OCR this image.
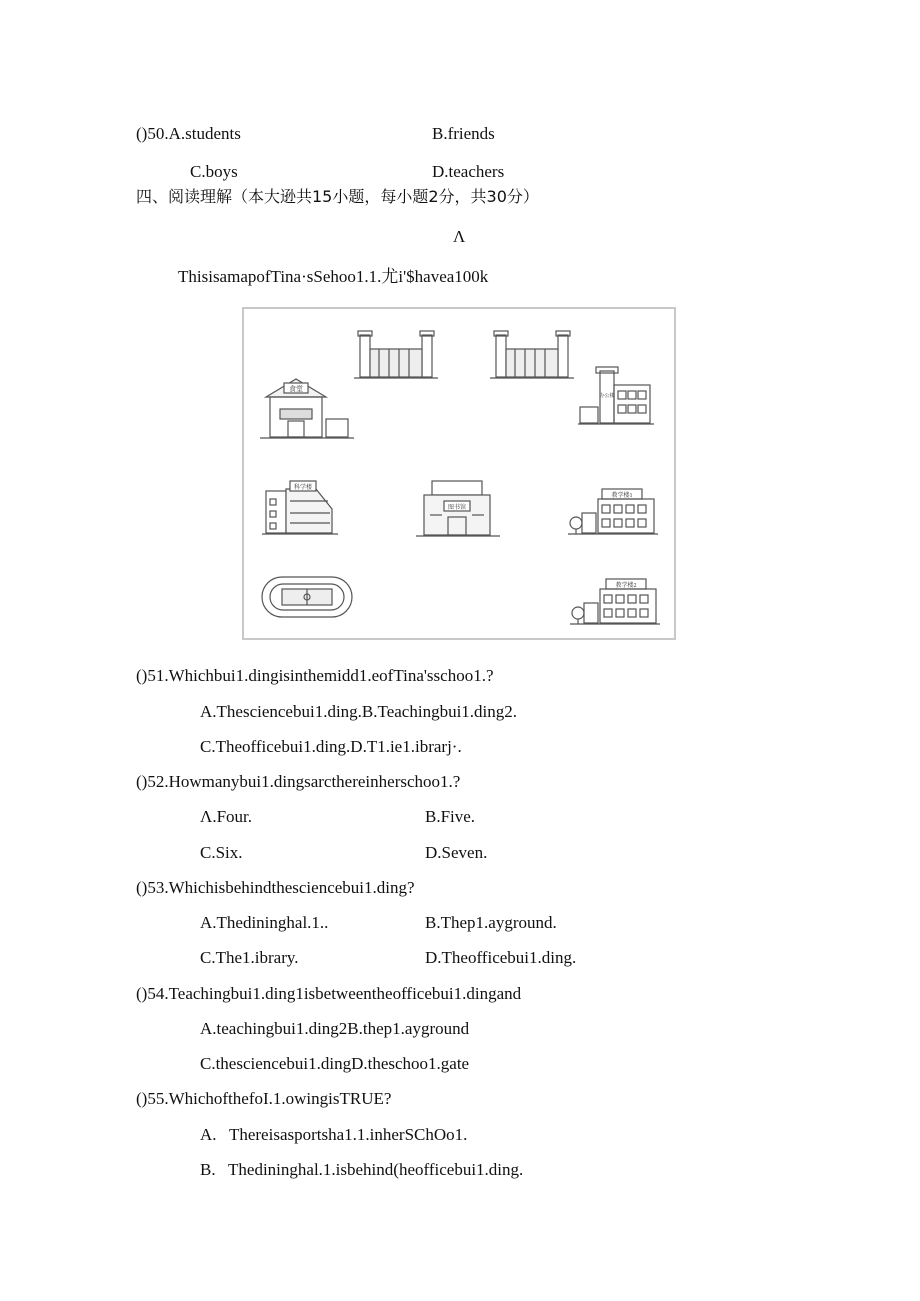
()50.A.students	B.friends
C.boys	D.teachers
四、阅读理解（本大逊共15小题，每小题2分，共30分）
Λ
ThisisamapofTina·sSehoo1.1.尤i'$havea100k
食堂
办公楼
科学楼
图书馆
教学楼1
教学楼2
()51.Whichbui1.dingisinthemidd1.eofTina'sschoo1.?
A.Thesciencebui1.ding.B.Teachingbui1.ding2.
C.Theofficebui1.ding.D.T1.ie1.ibrarj·.
()52.Howmanybui1.dingsarcthereinherschoo1.?
Λ.Four.	B.Five.
C.Six.	D.Seven.
()53.Whichisbehindthesciencebui1.ding?
A.Thedininghal.1..	B.Thep1.ayground.
C.The1.ibrary.	D.Theofficebui1.ding.
()54.Teachingbui1.ding1isbetweentheofficebui1.dingand
A.teachingbui1.ding2B.thep1.ayground
C.thesciencebui1.dingD.theschoo1.gate
()55.WhichofthefoI.1.owingisTRUE?
A.   Thereisasportsha1.1.inherSChOo1.
B.   Thedininghal.1.isbehind(heofficebui1.ding.
